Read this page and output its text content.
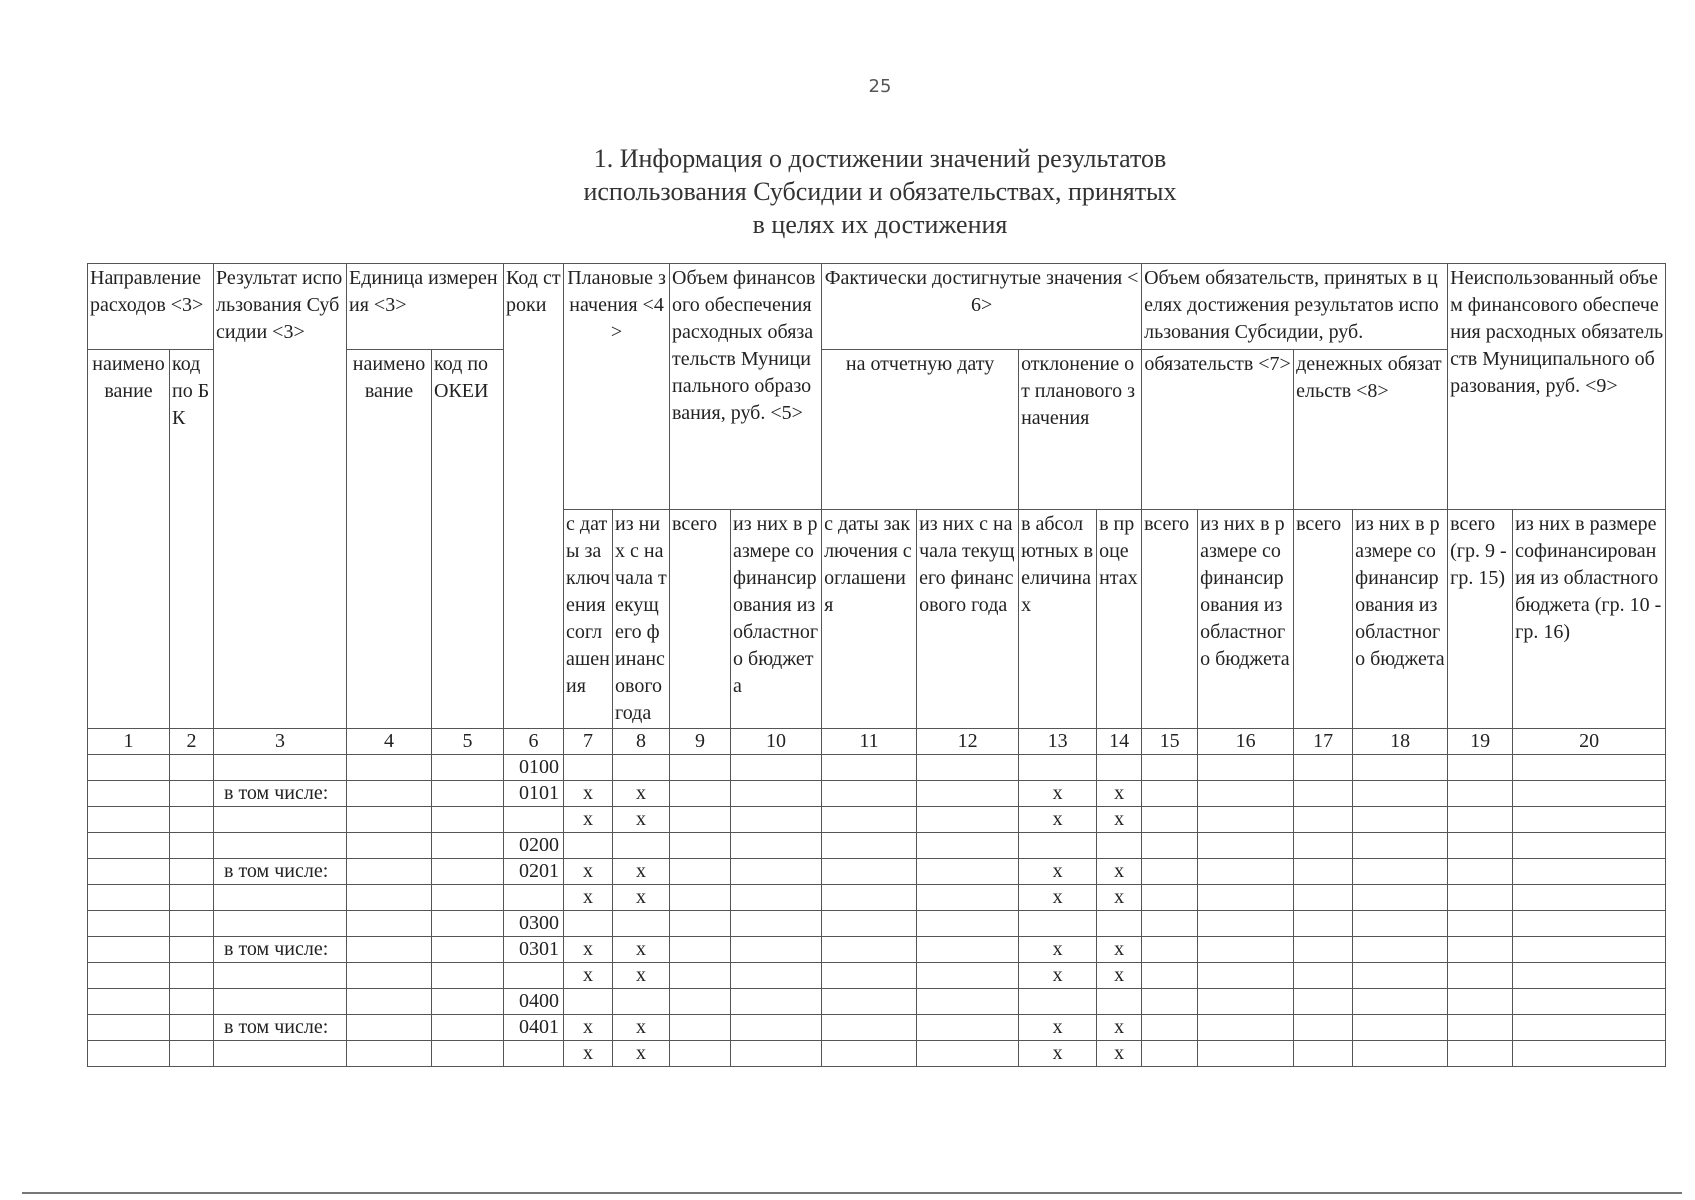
25
1. Информация о достижении значений результатов
использования Субсидии и обязательствах, принятых
в целях их достижения
Направление расходов <3>		Результат использования Субсидии <3>	Единица измерения <3>		Код строки	Плановые значения <4>		Объем финансового обеспечения расходных обязательств Муниципального образования, руб. <5>		Фактически достигнутые значения <6>				Объем обязательств, принятых в целях достижения результатов использования Субсидии, руб.				Неиспользованный объем финансового обеспечения расходных обязательств Муниципального образования, руб. <9>	
наименование	код по БК		наименование	код по ОКЕИ						на отчетную дату		отклонение от планового значения		обязательств <7>		денежных обязательств <8>			
						с даты заключения соглашения	из них с начала текущего финансового года	всего	из них в размере софинансирования из областного бюджета	с даты заключения соглашения	из них с начала текущего финансового года	в абсолютных величинах	в процентах	всего	из них в размере софинансирования из областного бюджета	всего	из них в размере софинансирования из областного бюджета	всего (гр. 9 - гр. 15)	из них в размере софинансирования из областного бюджета (гр. 10 - гр. 16)
1	2	3	4	5	6	7	8	9	10	11	12	13	14	15	16	17	18	19	20
					0100														
		в том числе:			0101	x	x					x	x						
						x	x					x	x						
					0200														
		в том числе:			0201	x	x					x	x						
						x	x					x	x						
					0300														
		в том числе:			0301	x	x					x	x						
						x	x					x	x						
					0400														
		в том числе:			0401	x	x					x	x						
						x	x					x	x						
